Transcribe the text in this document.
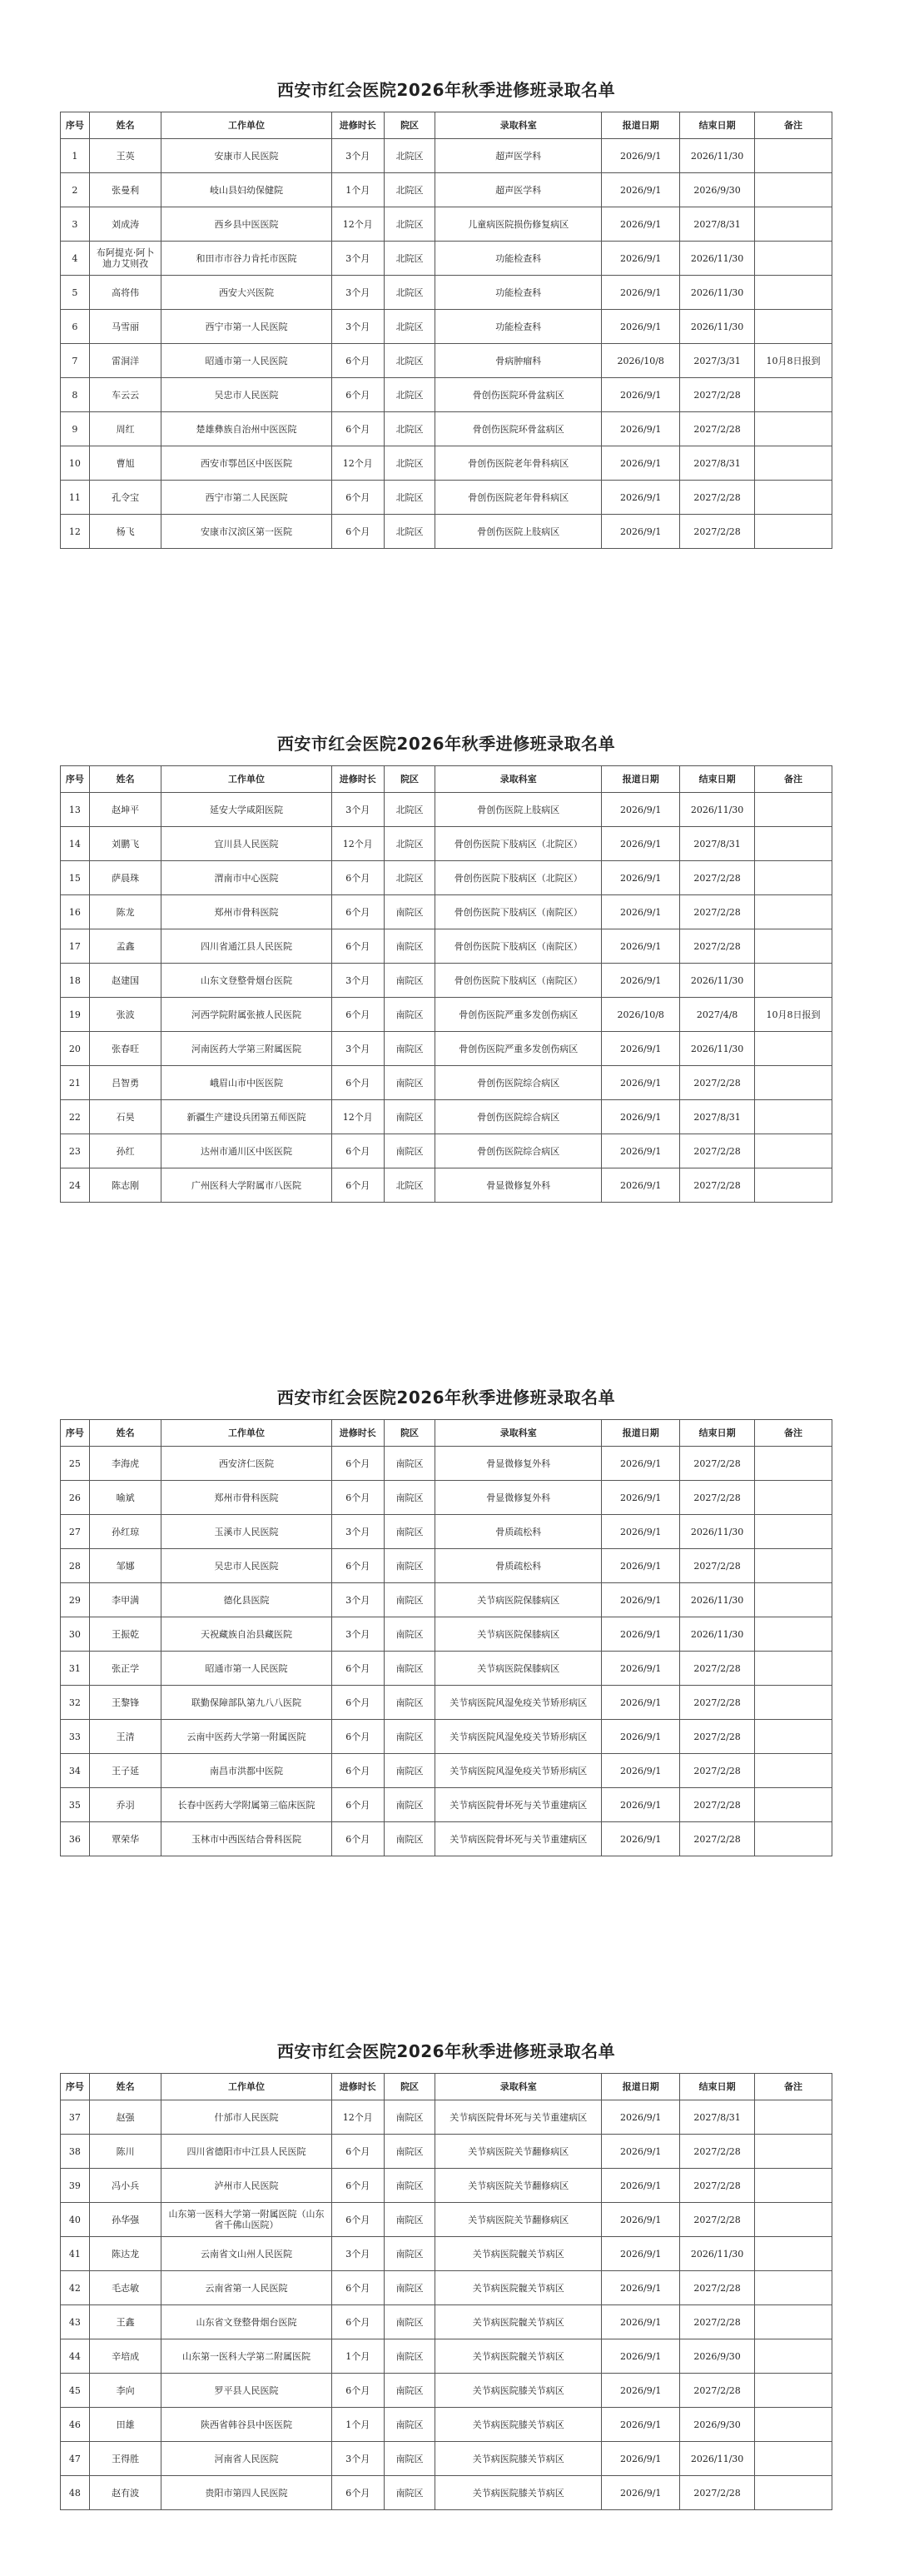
西安市红会医院2026年秋季进修班录取名单
序号	姓名	工作单位	进修时长	院区	录取科室	报道日期	结束日期	备注
1	王英	安康市人民医院	3个月	北院区	超声医学科	2026/9/1	2026/11/30	
2	张曼利	岐山县妇幼保健院	1个月	北院区	超声医学科	2026/9/1	2026/9/30	
3	刘成涛	西乡县中医医院	12个月	北院区	儿童病医院损伤修复病区	2026/9/1	2027/8/31	
4	布阿提克·阿卜迪力艾则孜	和田市市谷力肯托市医院	3个月	北院区	功能检查科	2026/9/1	2026/11/30	
5	高将伟	西安大兴医院	3个月	北院区	功能检查科	2026/9/1	2026/11/30	
6	马雪丽	西宁市第一人民医院	3个月	北院区	功能检查科	2026/9/1	2026/11/30	
7	雷洞洋	昭通市第一人民医院	6个月	北院区	骨病肿瘤科	2026/10/8	2027/3/31	10月8日报到
8	车云云	吴忠市人民医院	6个月	北院区	骨创伤医院环骨盆病区	2026/9/1	2027/2/28	
9	周红	楚雄彝族自治州中医医院	6个月	北院区	骨创伤医院环骨盆病区	2026/9/1	2027/2/28	
10	曹旭	西安市鄠邑区中医医院	12个月	北院区	骨创伤医院老年骨科病区	2026/9/1	2027/8/31	
11	孔令宝	西宁市第二人民医院	6个月	北院区	骨创伤医院老年骨科病区	2026/9/1	2027/2/28	
12	杨飞	安康市汉滨区第一医院	6个月	北院区	骨创伤医院上肢病区	2026/9/1	2027/2/28	
西安市红会医院2026年秋季进修班录取名单
序号	姓名	工作单位	进修时长	院区	录取科室	报道日期	结束日期	备注
13	赵坤平	延安大学咸阳医院	3个月	北院区	骨创伤医院上肢病区	2026/9/1	2026/11/30	
14	刘鹏飞	宜川县人民医院	12个月	北院区	骨创伤医院下肢病区（北院区）	2026/9/1	2027/8/31	
15	萨晨珠	渭南市中心医院	6个月	北院区	骨创伤医院下肢病区（北院区）	2026/9/1	2027/2/28	
16	陈龙	郑州市骨科医院	6个月	南院区	骨创伤医院下肢病区（南院区）	2026/9/1	2027/2/28	
17	孟鑫	四川省通江县人民医院	6个月	南院区	骨创伤医院下肢病区（南院区）	2026/9/1	2027/2/28	
18	赵建国	山东文登整骨烟台医院	3个月	南院区	骨创伤医院下肢病区（南院区）	2026/9/1	2026/11/30	
19	张波	河西学院附属张掖人民医院	6个月	南院区	骨创伤医院严重多发创伤病区	2026/10/8	2027/4/8	10月8日报到
20	张春旺	河南医药大学第三附属医院	3个月	南院区	骨创伤医院严重多发创伤病区	2026/9/1	2026/11/30	
21	吕智勇	峨眉山市中医医院	6个月	南院区	骨创伤医院综合病区	2026/9/1	2027/2/28	
22	石昊	新疆生产建设兵团第五师医院	12个月	南院区	骨创伤医院综合病区	2026/9/1	2027/8/31	
23	孙红	达州市通川区中医医院	6个月	南院区	骨创伤医院综合病区	2026/9/1	2027/2/28	
24	陈志刚	广州医科大学附属市八医院	6个月	北院区	骨显微修复外科	2026/9/1	2027/2/28	
西安市红会医院2026年秋季进修班录取名单
序号	姓名	工作单位	进修时长	院区	录取科室	报道日期	结束日期	备注
25	李海虎	西安济仁医院	6个月	南院区	骨显微修复外科	2026/9/1	2027/2/28	
26	喻斌	郑州市骨科医院	6个月	南院区	骨显微修复外科	2026/9/1	2027/2/28	
27	孙红琼	玉溪市人民医院	3个月	南院区	骨质疏松科	2026/9/1	2026/11/30	
28	邹娜	吴忠市人民医院	6个月	南院区	骨质疏松科	2026/9/1	2027/2/28	
29	李甲满	德化县医院	3个月	南院区	关节病医院保膝病区	2026/9/1	2026/11/30	
30	王振乾	天祝藏族自治县藏医院	3个月	南院区	关节病医院保膝病区	2026/9/1	2026/11/30	
31	张正学	昭通市第一人民医院	6个月	南院区	关节病医院保膝病区	2026/9/1	2027/2/28	
32	王黎锋	联勤保障部队第九八八医院	6个月	南院区	关节病医院风湿免疫关节矫形病区	2026/9/1	2027/2/28	
33	王清	云南中医药大学第一附属医院	6个月	南院区	关节病医院风湿免疫关节矫形病区	2026/9/1	2027/2/28	
34	王子延	南昌市洪都中医院	6个月	南院区	关节病医院风湿免疫关节矫形病区	2026/9/1	2027/2/28	
35	乔羽	长春中医药大学附属第三临床医院	6个月	南院区	关节病医院骨坏死与关节重建病区	2026/9/1	2027/2/28	
36	覃荣华	玉林市中西医结合骨科医院	6个月	南院区	关节病医院骨坏死与关节重建病区	2026/9/1	2027/2/28	
西安市红会医院2026年秋季进修班录取名单
序号	姓名	工作单位	进修时长	院区	录取科室	报道日期	结束日期	备注
37	赵强	什邡市人民医院	12个月	南院区	关节病医院骨坏死与关节重建病区	2026/9/1	2027/8/31	
38	陈川	四川省德阳市中江县人民医院	6个月	南院区	关节病医院关节翻修病区	2026/9/1	2027/2/28	
39	冯小兵	泸州市人民医院	6个月	南院区	关节病医院关节翻修病区	2026/9/1	2027/2/28	
40	孙华强	山东第一医科大学第一附属医院（山东省千佛山医院）	6个月	南院区	关节病医院关节翻修病区	2026/9/1	2027/2/28	
41	陈达龙	云南省文山州人民医院	3个月	南院区	关节病医院髋关节病区	2026/9/1	2026/11/30	
42	毛志敏	云南省第一人民医院	6个月	南院区	关节病医院髋关节病区	2026/9/1	2027/2/28	
43	王鑫	山东省文登整骨烟台医院	6个月	南院区	关节病医院髋关节病区	2026/9/1	2027/2/28	
44	辛培成	山东第一医科大学第二附属医院	1个月	南院区	关节病医院髋关节病区	2026/9/1	2026/9/30	
45	李向	罗平县人民医院	6个月	南院区	关节病医院膝关节病区	2026/9/1	2027/2/28	
46	田雄	陕西省韩谷县中医医院	1个月	南院区	关节病医院膝关节病区	2026/9/1	2026/9/30	
47	王得胜	河南省人民医院	3个月	南院区	关节病医院膝关节病区	2026/9/1	2026/11/30	
48	赵有波	贵阳市第四人民医院	6个月	南院区	关节病医院膝关节病区	2026/9/1	2027/2/28	
